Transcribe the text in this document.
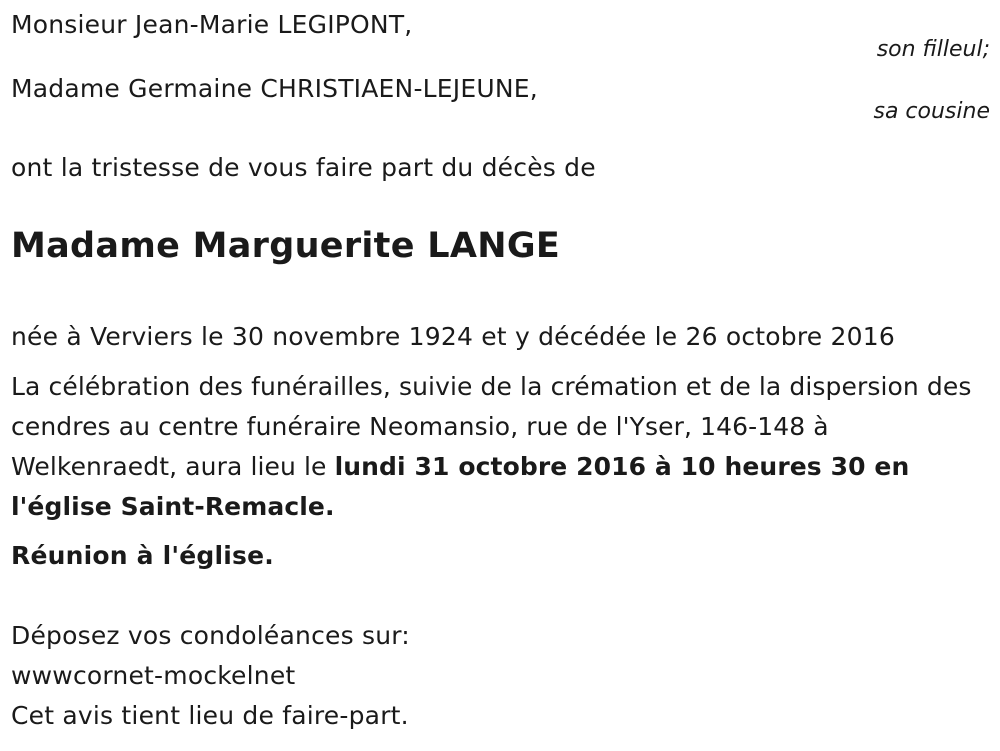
Monsieur Jean-Marie LEGIPONT,
son filleul;
Madame Germaine CHRISTIAEN-LEJEUNE,
sa cousine
ont la tristesse de vous faire part du décès de
Madame Marguerite LANGE
née à Verviers le 30 novembre 1924 et y décédée le 26 octobre 2016
La célébration des funérailles, suivie de la crémation et de la dispersion des cendres au centre funéraire Neomansio, rue de l'Yser, 146-148 à Welkenraedt, aura lieu le lundi 31 octobre 2016 à 10 heures 30 en l'église Saint-Remacle.
Réunion à l'église.
Déposez vos condoléances sur:
wwwcornet-mockelnet
Cet avis tient lieu de faire-part.
